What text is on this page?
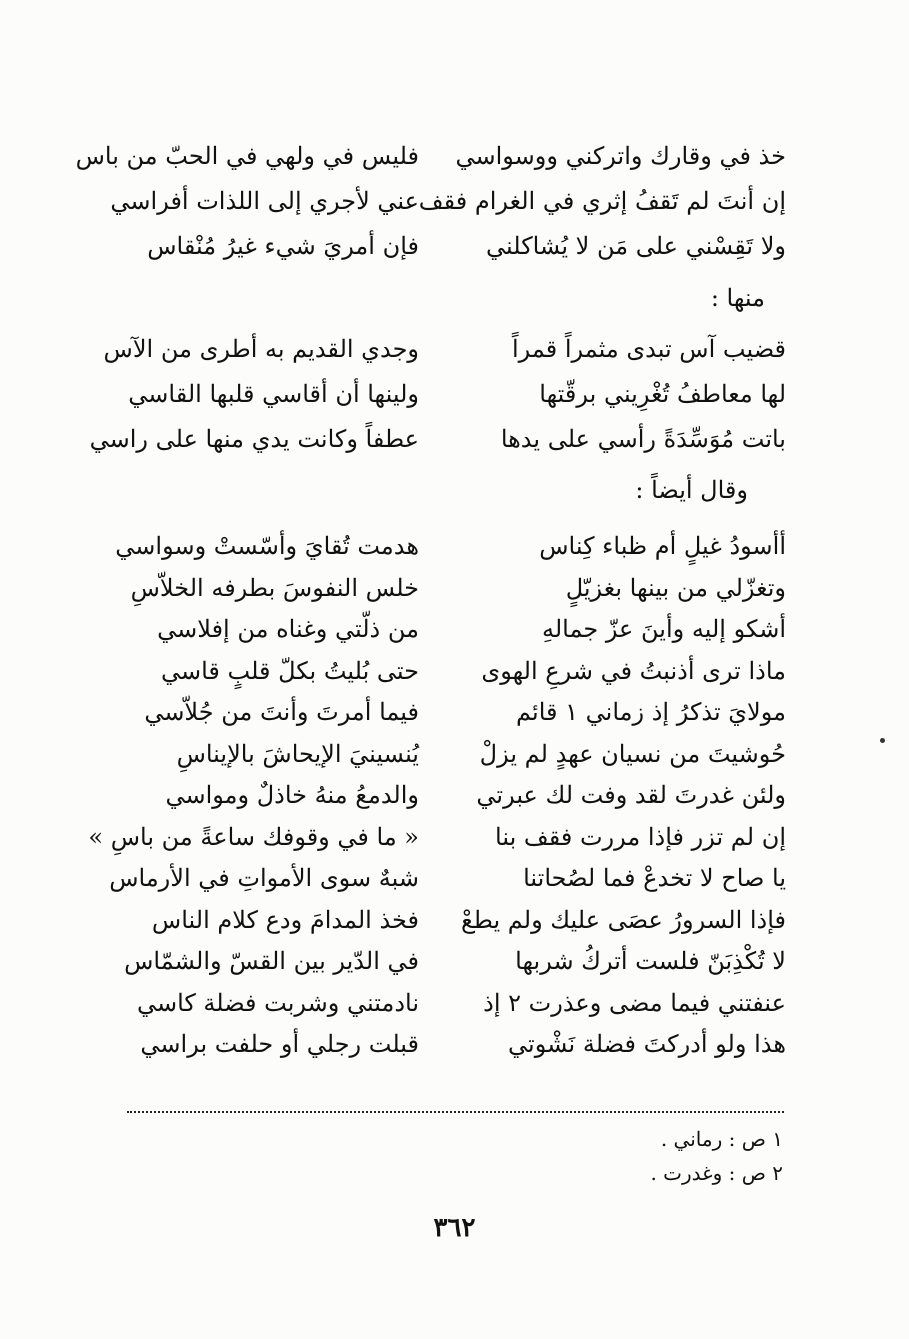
خذ في وقارك واتركني ووسواسي
فليس في ولهي في الحبّ من باس
إن أنتَ لم تَقفُ إثري في الغرام فقف
عني لأجري إلى اللذات أفراسي
ولا تَقِسْني على مَن لا يُشاكلني
فإن أمريَ شيء غيرُ مُنْقاس
منها :
قضيب آس تبدى مثمراً قمراً
وجدي القديم به أطرى من الآس
لها معاطفُ تُغْرِيني برقّتها
ولينها أن أقاسي قلبها القاسي
باتت مُوَسِّدَةً رأسي على يدها
عطفاً وكانت يدي منها على راسي
وقال أيضاً :
أأسودُ غيلٍ أم ظباء كِناس
هدمت تُقايَ وأسّستْ وسواسي
وتغزّلي من بينها بغزيّلٍ
خلس النفوسَ بطرفه الخلاّسِ
أشكو إليه وأينَ عزّ جمالهِ
من ذلّتي وغناه من إفلاسي
ماذا ترى أذنبتُ في شرعِ الهوى
حتى بُليتُ بكلّ قلبٍ قاسي
مولايَ تذكرُ إذ زماني ١ قائم
فيما أمرتَ وأنتَ من جُلاّسي
حُوشيتَ من نسيان عهدٍ لم يزلْ
يُنسينيَ الإيحاشَ بالإيناسِ
ولئن غدرتَ لقد وفت لك عبرتي
والدمعُ منهُ خاذلٌ ومواسي
إن لم تزر فإذا مررت فقف بنا
« ما في وقوفك ساعةً من باسِ »
يا صاح لا تخدعْ فما لصُحاتنا
شبهٌ سوى الأمواتِ في الأرماس
فإذا السرورُ عصَى عليك ولم يطعْ
فخذ المدامَ ودع كلام الناس
لا تُكْذِبَنّ فلست أتركُ شربها
في الدّير بين القسّ والشمّاس
عنفتني فيما مضى وعذرت ٢ إذ
نادمتني وشربت فضلة كاسي
هذا ولو أدركتَ فضلة نَشْوتي
قبلت رجلي أو حلفت براسي
١ ص : رماني .
٢ ص : وغدرت .
٣٦٢
